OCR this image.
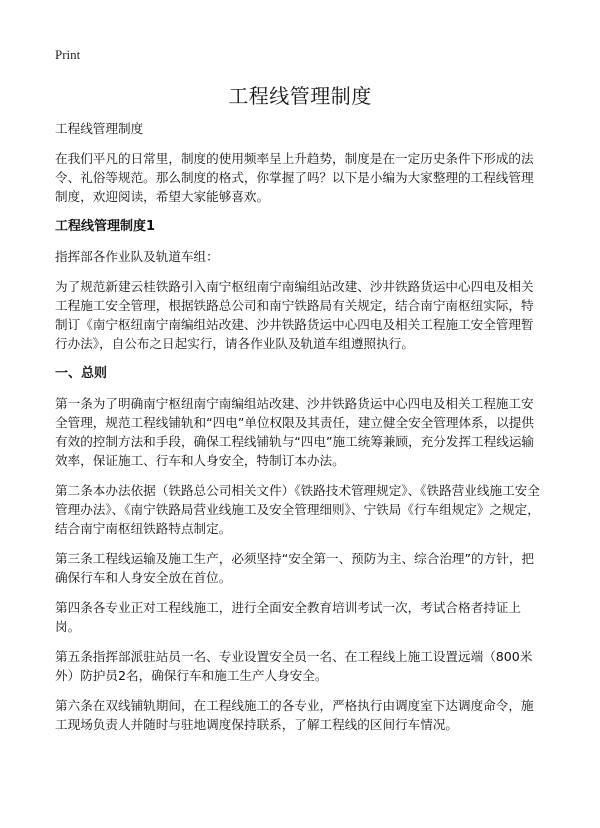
Print
工程线管理制度

工程线管理制度

在我们平凡的日常里，制度的使用频率呈上升趋势，制度是在一定历史条件下形成的法令、礼俗等规范。那么制度的格式，你掌握了吗？以下是小编为大家整理的工程线管理制度，欢迎阅读，希望大家能够喜欢。

工程线管理制度1

指挥部各作业队及轨道车组：

为了规范新建云桂铁路引入南宁枢纽南宁南编组站改建、沙井铁路货运中心四电及相关工程施工安全管理，根据铁路总公司和南宁铁路局有关规定，结合南宁南枢纽实际，特制订《南宁枢纽南宁南编组站改建、沙井铁路货运中心四电及相关工程施工安全管理暂行办法》，自公布之日起实行，请各作业队及轨道车组遵照执行。

一、总则

第一条为了明确南宁枢纽南宁南编组站改建、沙井铁路货运中心四电及相关工程施工安全管理，规范工程线铺轨和“四电”单位权限及其责任，建立健全安全管理体系，以提供有效的控制方法和手段，确保工程线铺轨与“四电”施工统筹兼顾，充分发挥工程线运输效率，保证施工、行车和人身安全，特制订本办法。

第二条本办法依据（铁路总公司相关文件）《铁路技术管理规定》、《铁路营业线施工安全管理办法》、《南宁铁路局营业线施工及安全管理细则》、宁铁局《行车组规定》之规定，结合南宁南枢纽铁路特点制定。

第三条工程线运输及施工生产，必须坚持“安全第一、预防为主、综合治理”的方针，把确保行车和人身安全放在首位。

第四条各专业正对工程线施工，进行全面安全教育培训考试一次，考试合格者持证上岗。

第五条指挥部派驻站员一名、专业设置安全员一名、在工程线上施工设置远端（800米外）防护员2名，确保行车和施工生产人身安全。

第六条在双线铺轨期间，在工程线施工的各专业，严格执行由调度室下达调度命令，施工现场负责人并随时与驻地调度保持联系，了解工程线的区间行车情况。
